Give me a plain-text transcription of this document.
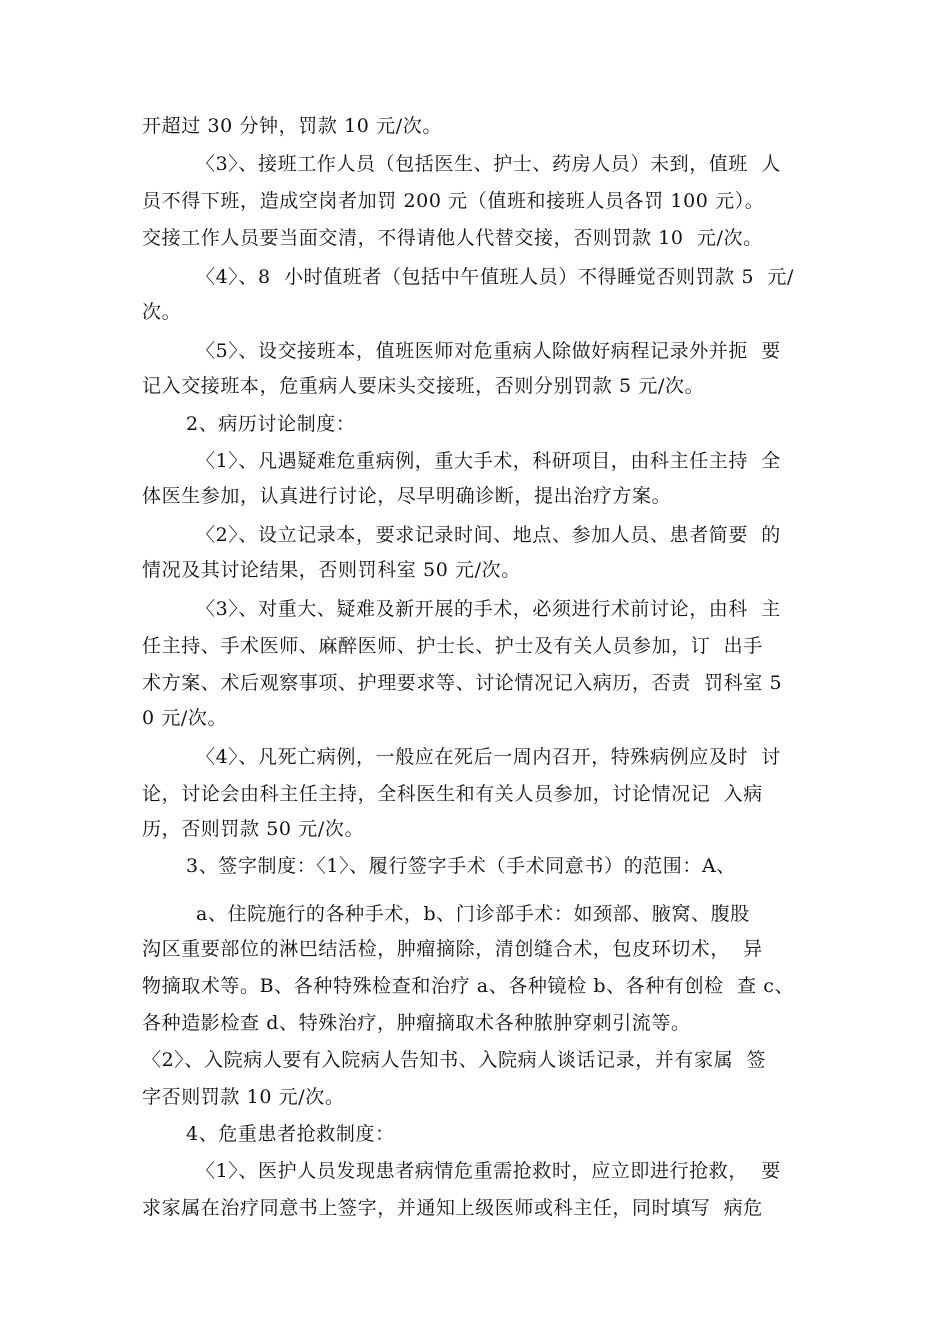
开超过 30 分钟，罚款 10 元/次。
〈3〉、接班工作人员（包括医生、护士、药房人员）未到，值班  人
员不得下班，造成空岗者加罚 200 元（值班和接班人员各罚 100 元）。
交接工作人员要当面交清，不得请他人代替交接，否则罚款 10  元/次。
〈4〉、8  小时值班者（包括中午值班人员）不得睡觉否则罚款 5  元/
次。
〈5〉、设交接班本，值班医师对危重病人除做好病程记录外并扼  要
记入交接班本，危重病人要床头交接班，否则分别罚款 5 元/次。
2、病历讨论制度：
〈1〉、凡遇疑难危重病例，重大手术，科研项目，由科主任主持  全
体医生参加，认真进行讨论，尽早明确诊断，提出治疗方案。
〈2〉、设立记录本，要求记录时间、地点、参加人员、患者简要  的
情况及其讨论结果，否则罚科室 50 元/次。
〈3〉、对重大、疑难及新开展的手术，必须进行术前讨论，由科  主
任主持、手术医师、麻醉医师、护士长、护士及有关人员参加，订  出手
术方案、术后观察事项、护理要求等、讨论情况记入病历，否责  罚科室 5
0 元/次。
〈4〉、凡死亡病例，一般应在死后一周内召开，特殊病例应及时  讨
论，讨论会由科主任主持，全科医生和有关人员参加，讨论情况记  入病
历，否则罚款 50 元/次。
3、签字制度：〈1〉、履行签字手术（手术同意书）的范围：A、
a、住院施行的各种手术，b、门诊部手术：如颈部、腋窝、腹股
沟区重要部位的淋巴结活检，肿瘤摘除，清创缝合术，包皮环切术，  异
物摘取术等。B、各种特殊检查和治疗 a、各种镜检 b、各种有创检  查 c、
各种造影检查 d、特殊治疗，肿瘤摘取术各种脓肿穿刺引流等。
〈2〉、入院病人要有入院病人告知书、入院病人谈话记录，并有家属  签
字否则罚款 10 元/次。
4、危重患者抢救制度：
〈1〉、医护人员发现患者病情危重需抢救时，应立即进行抢救，  要
求家属在治疗同意书上签字，并通知上级医师或科主任，同时填写  病危
